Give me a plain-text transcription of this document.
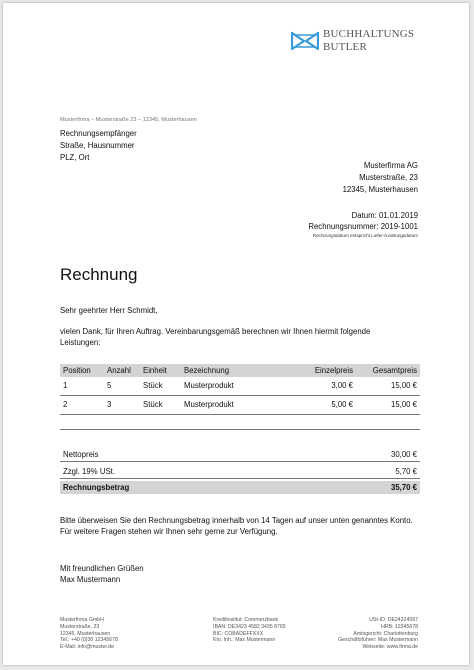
BUCHHALTUNGS
BUTLER
Musterfirma – Musterstraße 23 – 12345, Musterhausen
Rechnungsempfänger
Straße, Hausnummer
PLZ, Ort
Musterfirma AG
Musterstraße, 23
12345, Musterhausen
Datum: 01.01.2019
Rechnungsnummer: 2019-1001
Rechnungsdatum entspricht Liefer-/Leistungsdatum
Rechnung
Sehr geehrter Herr Schmidt,
vielen Dank, für Ihren Auftrag. Vereinbarungsgemäß berechnen wir Ihnen hiermit folgende Leistungen:
Position	Anzahl	Einheit	Bezeichnung	Einzelpreis	Gesamtpreis
1	5	Stück	Musterprodukt	3,00 €	15,00 €

2	3	Stück	Musterprodukt	5,00 €	15,00 €

Nettopreis	30,00 €
Zzgl. 19% USt.	5,70 €
Rechnungsbetrag	35,70 €
Bitte überweisen Sie den Rechnungsbetrag innerhalb von 14 Tagen auf unser unten genanntes Konto.
Für weitere Fragen stehen wir Ihnen sehr gerne zur Verfügung.
Mit freundlichen Grüßen
Max Mustermann
Musterfirma GmbH
Musterstraße, 23
12345, Musterhausen
Tel.: +40 (0)30 12345678
E-Mail: info@muster.de
Kreditinstitut: Commerzbank
IBAN: DE3423 4582 3435 8765
BIC: COBADEFFXXX
Kto. Inh.: Max Mustermann
USt-ID: DE24324587
HRB: 12345678
Amtsgericht: Charlottenburg
Geschäftsführer: Max Mustermann
Webseite: www.firma.de
